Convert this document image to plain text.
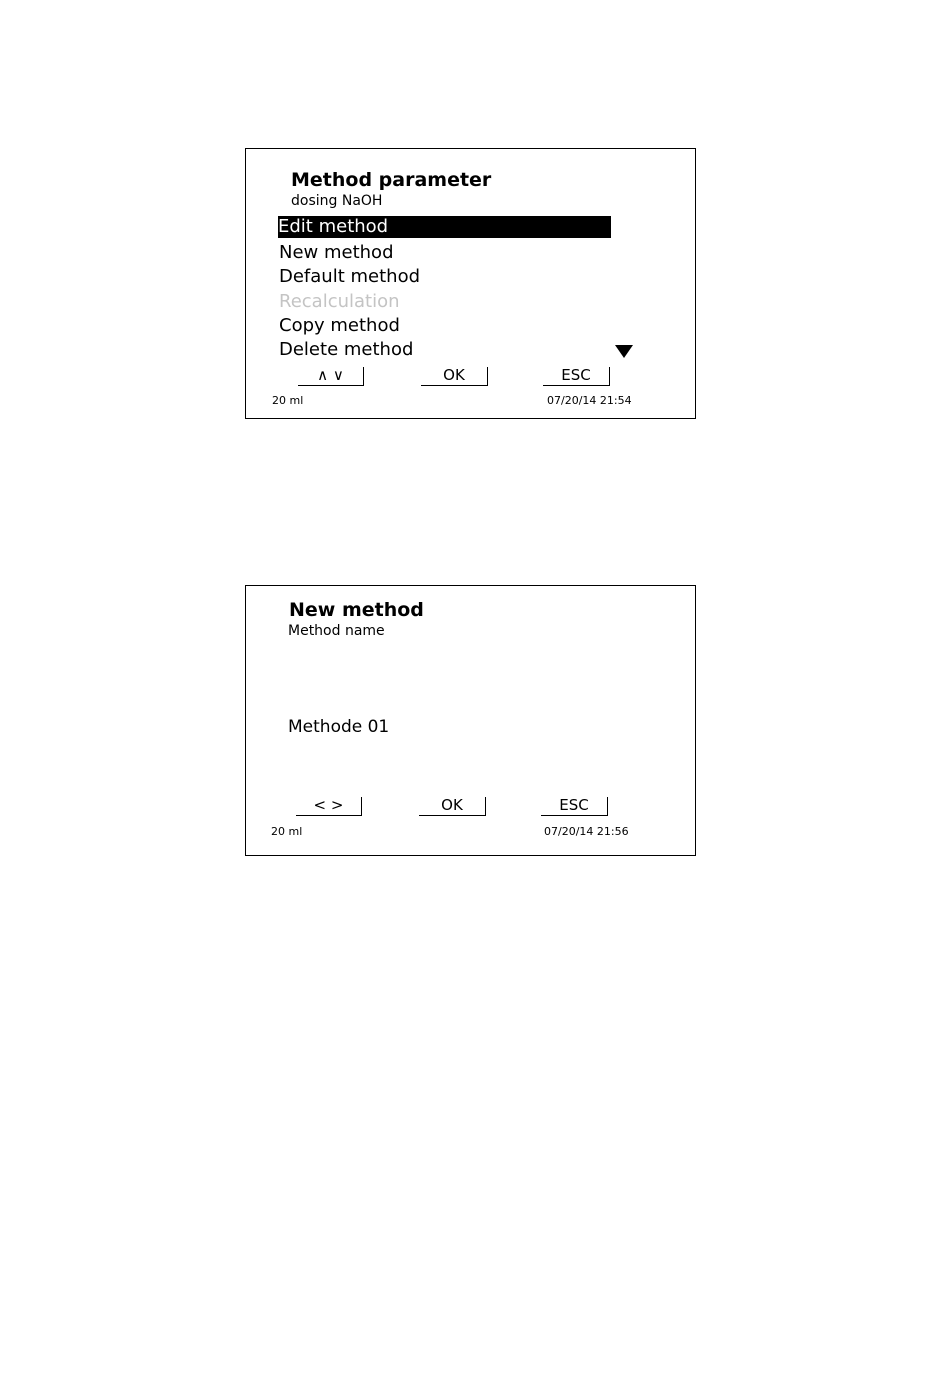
Method parameter
dosing NaOH
Edit method
New method
Default method
Recalculation
Copy method
Delete method
∧ ∨	OK	ESC
20 ml	07/20/14 21:54
New method
Method name
Methode 01
< >	OK	ESC
20 ml	07/20/14 21:56
